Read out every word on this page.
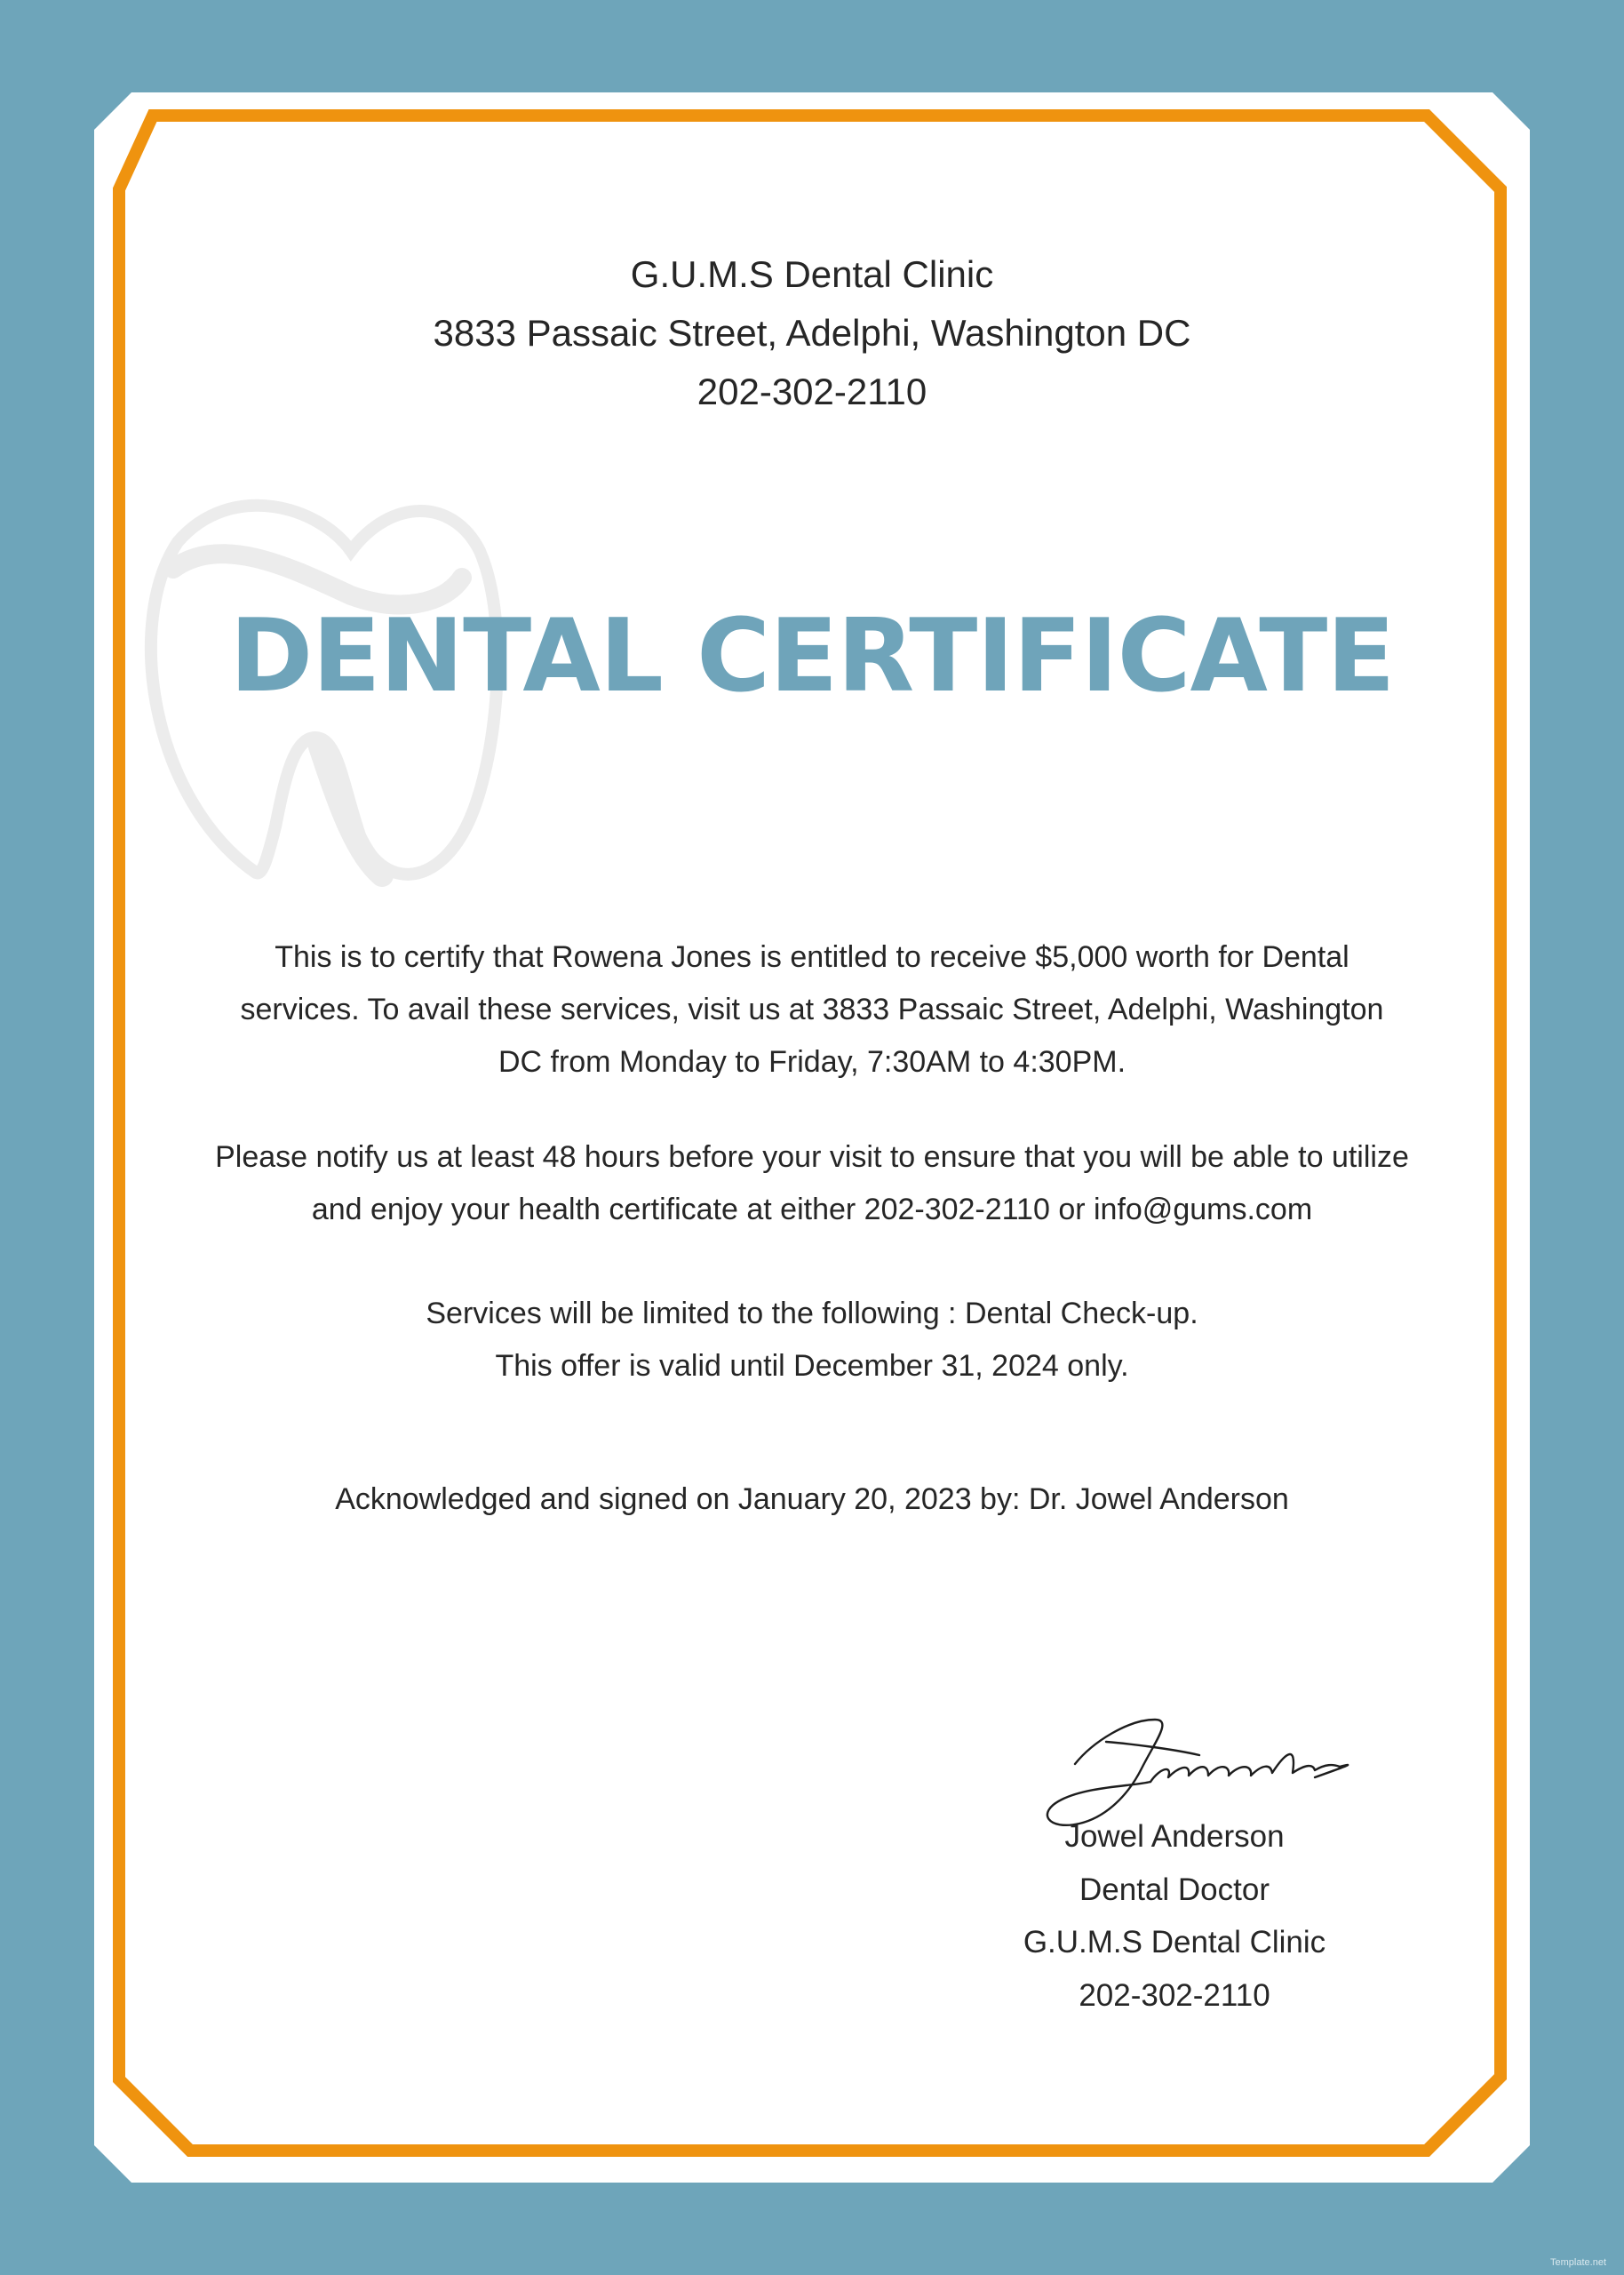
G.U.M.S Dental Clinic
3833 Passaic Street, Adelphi, Washington DC
202-302-2110
DENTAL CERTIFICATE
This is to certify that Rowena Jones is entitled to receive $5,000 worth for Dental
services. To avail these services, visit us at 3833 Passaic Street, Adelphi, Washington
DC from Monday to Friday, 7:30AM to 4:30PM.
Please notify us at least 48 hours before your visit to ensure that you will be able to utilize
and enjoy your health certificate at either 202-302-2110 or info@gums.com
Services will be limited to the following : Dental Check-up.
This offer is valid until December 31, 2024 only.
Acknowledged and signed on January 20, 2023 by: Dr. Jowel Anderson
Jowel Anderson
Dental Doctor
G.U.M.S Dental Clinic
202-302-2110
Template.net
